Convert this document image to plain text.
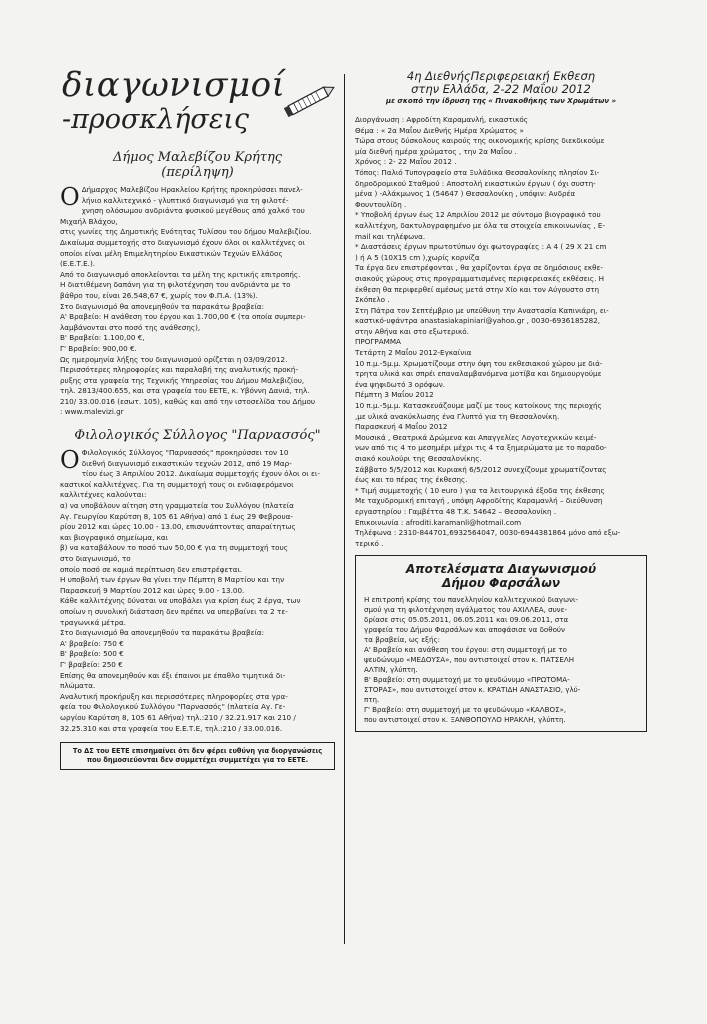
διαγωνισμοί
-προσκλήσεις
Δήμος Μαλεβίζου Κρήτης
(περίληψη)
Ο Δήμαρχος Μαλεβίζου Ηρακλείου Κρήτης προκηρύσσει πανελ-
λήνιο καλλιτεχνικό - γλυπτικό διαγωνισμό για τη φιλοτέ-
χνηση ολόσωμου ανδριάντα φυσικού μεγέθους από χαλκό του
Μιχαήλ Βλάχου,
στις γωνίες της Δημοτικής Ενότητας Τυλίσου του δήμου Μαλεβιζίου.
Δικαίωμα συμμετοχής στο διαγωνισμό έχουν όλοι οι καλλιτέχνες οι
οποίοι είναι μέλη Επιμελητηρίου Εικαστικών Τεχνών Ελλάδος
(Ε.Ε.Τ.Ε.).
Από το διαγωνισμό αποκλείονται τα μέλη της κριτικής επιτροπής.
Η διατιθέμενη δαπάνη για τη φιλοτέχνηση του ανδριάντα με το
βάθρο του, είναι 26.548,67 €, χωρίς τον Φ.Π.Α. (13%).
Στο διαγωνισμό θα απονεμηθούν τα παρακάτω βραβεία:
Α' Βραβείο: Η ανάθεση του έργου και 1.700,00 € (τα οποία συμπερι-
λαμβάνονται στο ποσό της ανάθεσης),
Β' Βραβείο: 1.100,00 €,
Γ' Βραβείο: 900,00 €.
Ως ημερομηνία λήξης του διαγωνισμού ορίζεται η 03/09/2012.
Περισσότερες πληροφορίες και παραλαβή της αναλυτικής προκή-
ρυξης στα γραφεία της Τεχνικής Υπηρεσίας του Δήμου Μαλεβιζίου,
τηλ. 2813/400.655, και στα γραφεία του ΕΕΤΕ, κ. Υβόννη Δανιά, τηλ.
210/ 33.00.016 (εσωτ. 105), καθώς και από την ιστοσελίδα του Δήμου
: www.malevizi.gr
Φιλολογικός Σύλλογος "Παρνασσός"
Ο Φιλολογικός Σύλλογος "Παρνασσός" προκηρύσσει τον 10
διεθνή διαγωνισμό εικαστικών τεχνών 2012, από 19 Μαρ-
τίου έως 3 Απριλίου 2012. Δικαίωμα συμμετοχής έχουν όλοι οι ει-
καστικοί καλλιτέχνες. Για τη συμμετοχή τους οι ενδιαφερόμενοι
καλλιτέχνες καλούνται:
α) να υποβάλουν αίτηση στη γραμματεία του Συλλόγου (πλατεία
Αγ. Γεωργίου Καρύτση 8, 105 61 Αθήνα) από 1 έως 29 Φεβρουα-
ρίου 2012 και ώρες 10.00 - 13.00, επισυνάπτοντας απαραίτητως
και βιογραφικό σημείωμα, και
β) να καταβάλουν το ποσό των 50,00 € για τη συμμετοχή τους
στο διαγωνισμό, το
οποίο ποσό σε καμιά περίπτωση δεν επιστρέφεται.
Η υποβολή των έργων θα γίνει την Πέμπτη 8 Μαρτίου και την
Παρασκευή 9 Μαρτίου 2012 και ώρες 9.00 - 13.00.
Κάθε καλλιτέχνης δύναται να υποβάλει για κρίση έως 2 έργα, των
οποίων η συνολική διάσταση δεν πρέπει να υπερβαίνει τα 2 τε-
τραγωνικά μέτρα.
Στο διαγωνισμό θα απονεμηθούν τα παρακάτω βραβεία:
Α' βραβείο: 750 €
Β' βραβείο: 500 €
Γ' βραβείο: 250 €
Επίσης θα απονεμηθούν και έξι έπαινοι με έπαθλο τιμητικά δι-
πλώματα.
Αναλυτική προκήρυξη και περισσότερες πληροφορίες στα γρα-
φεία του Φιλολογικού Συλλόγου "Παρνασσός" (πλατεία Αγ. Γε-
ωργίου Καρύτση 8, 105 61 Αθήνα) τηλ.:210 / 32.21.917 και 210 /
32.25.310 και στα γραφεία του Ε.Ε.Τ.Ε, τηλ.:210 / 33.00.016.
Το ΔΣ του ΕΕΤΕ επισημαίνει ότι δεν φέρει ευθύνη για διοργανώσεις
που δημοσιεύονται δεν συμμετέχει συμμετέχει για το ΕΕΤΕ.
4η ΔιεθνήςΠεριφερειακή Εκθεση
στην Ελλάδα, 2-22 Μαΐου 2012
με σκοπό την ίδρυση της « Πινακοθήκης των Χρωμάτων »
Διοργάνωση : Αφροδίτη Καραμανλή, εικαστικός
Θέμα : « 2α Μαΐου Διεθνής Ημέρα Χρώματος »
Τώρα στους δύσκολους καιρούς της οικονομικής κρίσης διεκδικούμε
μία διεθνή ημέρα χρώματος , την 2α Μαΐου .
Χρόνος : 2- 22 Μαΐου 2012 .
Τόπος: Παλιό Τυπογραφείο στα Ξυλάδικα Θεσσαλονίκης πλησίον Σι-
δηροδρομικού Σταθμού : Αποστολή εικαστικών έργων ( όχι συστη-
μένα ) -Αλάκμωνος 1 (54647 ) Θεσσαλονίκη , υπόψιν: Ανδρέα
Φουντουλίδη .
* Υποβολή έργων έως 12 Απριλίου 2012 με σύντομο βιογραφικό του
καλλιτέχνη, δακτυλογραφημένο με όλα τα στοιχεία επικοινωνίας , E-
mail και τηλέφωνα.
* Διαστάσεις έργων πρωτοτύπων όχι φωτογραφίες : Α 4 ( 29 Χ 21 cm
) ή Α 5 (10Χ15 cm ),χωρίς κορνίζα
Τα έργα δεν επιστρέφονται , θα χαρίζονται έργα σε δημόσιους εκθε-
σιακούς χώρους στις προγραμματισμένες περιφερειακές εκθέσεις. Η
έκθεση θα περιφερθεί αμέσως μετά στην Χίο και τον Αύγουστο στη
Σκόπελο .
Στη Πάτρα τον Σεπτέμβριο με υπεύθυνη την Αναστασία Καπινιάρη, ει-
καστικό-υφάντρα anastasiakapiniari@yahoo.gr , 0030-6936185282,
στην Αθήνα και στο εξωτερικό.
ΠΡΟΓΡΑΜΜΑ
Τετάρτη 2 Μαΐου 2012-Εγκαίνια
10 π.μ.-5μ.μ. Χρωματίζουμε στην όψη του εκθεσιακού χώρου με διά-
τρητα υλικά και σπρέι επαναλαμβανόμενα μοτίβα και δημιουργούμε
ένα ψηφιδωτό 3 ορόφων.
Πέμπτη 3 Μαΐου 2012
10 π.μ.-5μ.μ. Κατασκευάζουμε μαζί με τους κατοίκους της περιοχής
,με υλικά ανακύκλωσης ένα Γλυπτό για τη Θεσσαλονίκη.
Παρασκευή 4 Μαΐου 2012
Μουσικά , Θεατρικά Δρώμενα και Απαγγελίες Λογοτεχνικών κειμέ-
νων από τις 4 το μεσημέρι μέχρι τις 4 τα ξημερώματα με το παραδο-
σιακό κουλούρι της Θεσσαλονίκης.
Σάββατο 5/5/2012 και Κυριακή 6/5/2012 συνεχίζουμε χρωματίζοντας
έως και το πέρας της έκθεσης.
* Τιμή συμμετοχής ( 10 euro ) για τα λειτουργικά έξοδα της έκθεσης
Με ταχυδρομική επιταγή , υπόψη Αφροδίτης Καραμανλή – διεύθυνση
εργαστηρίου : Γαμβέττα 48 Τ.Κ. 54642 – Θεσσαλονίκη .
Επικοινωνία : afroditi.karamanli@hotmail.com
Τηλέφωνα : 2310-844701,6932564047, 0030-6944381864 μόνο από εξω-
τερικό .
Αποτελέσματα Διαγωνισμού
Δήμου Φαρσάλων
Η επιτροπή κρίσης του πανελληνίου καλλιτεχνικού διαγωνι-
σμού για τη φιλοτέχνηση αγάλματος του ΑΧΙΛΛΕΑ, συνε-
δρίασε στις 05.05.2011, 06.05.2011 και 09.06.2011, στα
γραφεία του Δήμου Φαρσάλων και αποφάσισε να δοθούν
τα βραβεία, ως εξής:
Α' Βραβείο και ανάθεση του έργου: στη συμμετοχή με το
ψευδώνυμο «ΜΕΔΟΥΣΑ», που αντιστοιχεί στον κ. ΠΑΤΣΕΛΗ
ΑΛΤΙΝ, γλύπτη.
Β' Βραβείο: στη συμμετοχή με το ψευδώνυμο «ΠΡΩΤΟΜΑ-
ΣΤΟΡΑΣ», που αντιστοιχεί στον κ. ΚΡΑΤΙΔΗ ΑΝΑΣΤΑΣΙΟ, γλύ-
πτη.
Γ' Βραβείο: στη συμμετοχή με το ψευδώνυμο «ΚΑΛΒΟΣ»,
που αντιστοιχεί στον κ. ΞΑΝΘΟΠΟΥΛΟ ΗΡΑΚΛΗ, γλύπτη.
